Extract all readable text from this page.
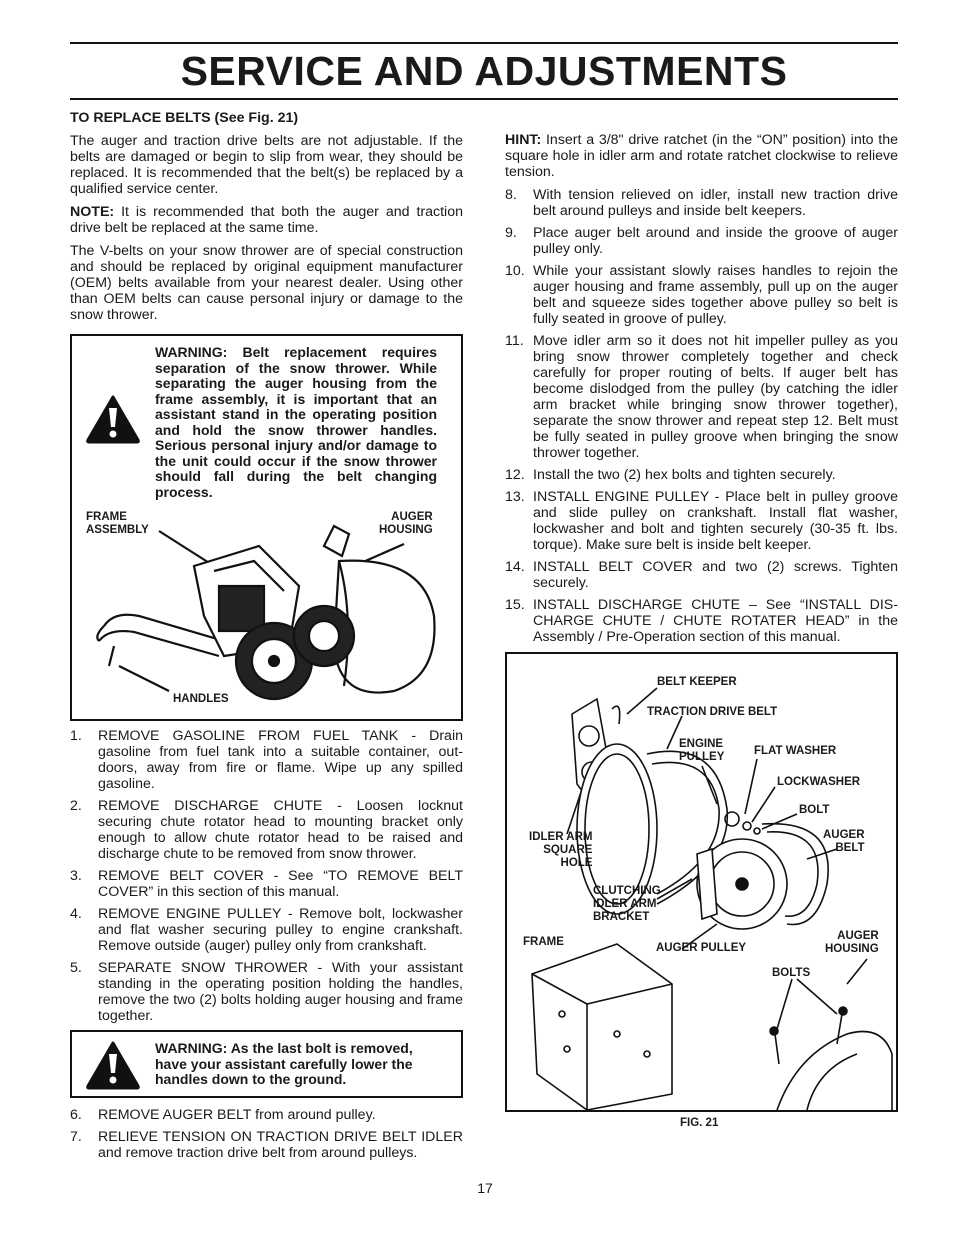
SERVICE AND ADJUSTMENTS

TO REPLACE BELTS (See Fig. 21)

The auger and traction drive belts are not adjustable. If the belts are damaged or begin to slip from wear, they should be replaced. It is recommended that the belt(s) be replaced by a qualified service center.

NOTE: It is recommended that both the auger and traction drive belt be replaced at the same time.

The V-belts on your snow thrower are of special construction and should be replaced by original equipment manufacturer (OEM) belts available from your nearest dealer. Using other than OEM belts can cause personal injury or damage to the snow thrower.

WARNING: Belt replacement requires separation of the snow thrower. While separating the auger housing from the frame assembly, it is important that an assistant stand in the operating position and hold the snow thrower handles. Serious personal injury and/or damage to the unit could occur if the snow thrower should fall during the belt changing process.
FRAME
ASSEMBLY
AUGER
HOUSING
HANDLES
1. REMOVE GASOLINE FROM FUEL TANK - Drain gasoline from fuel tank into a suitable container, out-doors, away from fire or flame. Wipe up any spilled gasoline.
2. REMOVE DISCHARGE CHUTE - Loosen locknut securing chute rotator head to mounting bracket only enough to allow chute rotator head to be raised and discharge chute to be removed from snow thrower.
3. REMOVE BELT COVER - See “TO REMOVE BELT COVER” in this section of this manual.
4. REMOVE ENGINE PULLEY - Remove bolt, lockwasher and flat washer securing pulley to engine crankshaft. Remove outside (auger) pulley only from crankshaft.
5. SEPARATE SNOW THROWER - With your assistant standing in the operating position holding the handles, remove the two (2) bolts holding auger housing and frame together.
WARNING: As the last bolt is removed, have your assistant carefully lower the handles down to the ground.
6. REMOVE AUGER BELT from around pulley.
7. RELIEVE TENSION ON TRACTION DRIVE BELT IDLER and remove traction drive belt from around pulleys.

HINT: Insert a 3/8" drive ratchet (in the “ON” position) into the square hole in idler arm and rotate ratchet clockwise to relieve tension.

8. With tension relieved on idler, install new traction drive belt around pulleys and inside belt keepers.
9. Place auger belt around and inside the groove of auger pulley only.
10. While your assistant slowly raises handles to rejoin the auger housing and frame assembly, pull up on the auger belt and squeeze sides together above pulley so belt is fully seated in groove of pulley.
11. Move idler arm so it does not hit impeller pulley as you bring snow thrower completely together and check carefully for proper routing of belts. If auger belt has become dislodged from the pulley (by catching the idler arm bracket while bringing snow thrower together), separate the snow thrower and repeat step 12. Belt must be fully seated in pulley groove when bringing the snow thrower together.
12. Install the two (2) hex bolts and tighten securely.
13. INSTALL ENGINE PULLEY - Place belt in pulley groove and slide pulley on crankshaft. Install flat washer, lockwasher and bolt and tighten securely (30-35 ft. lbs. torque). Make sure belt is inside belt keeper.
14. INSTALL BELT COVER and two (2) screws. Tighten securely.
15. INSTALL DISCHARGE CHUTE – See “INSTALL DIS-CHARGE CHUTE / CHUTE ROTATER HEAD” in the Assembly / Pre-Operation section of this manual.
BELT KEEPER
TRACTION DRIVE BELT
ENGINE
PULLEY	FLAT WASHER
LOCKWASHER
BOLT
AUGER
BELT
IDLER ARM
SQUARE
HOLE
CLUTCHING
IDLER ARM
BRACKET
FRAME	AUGER PULLEY
AUGER
HOUSING
BOLTS
FIG. 21
17
